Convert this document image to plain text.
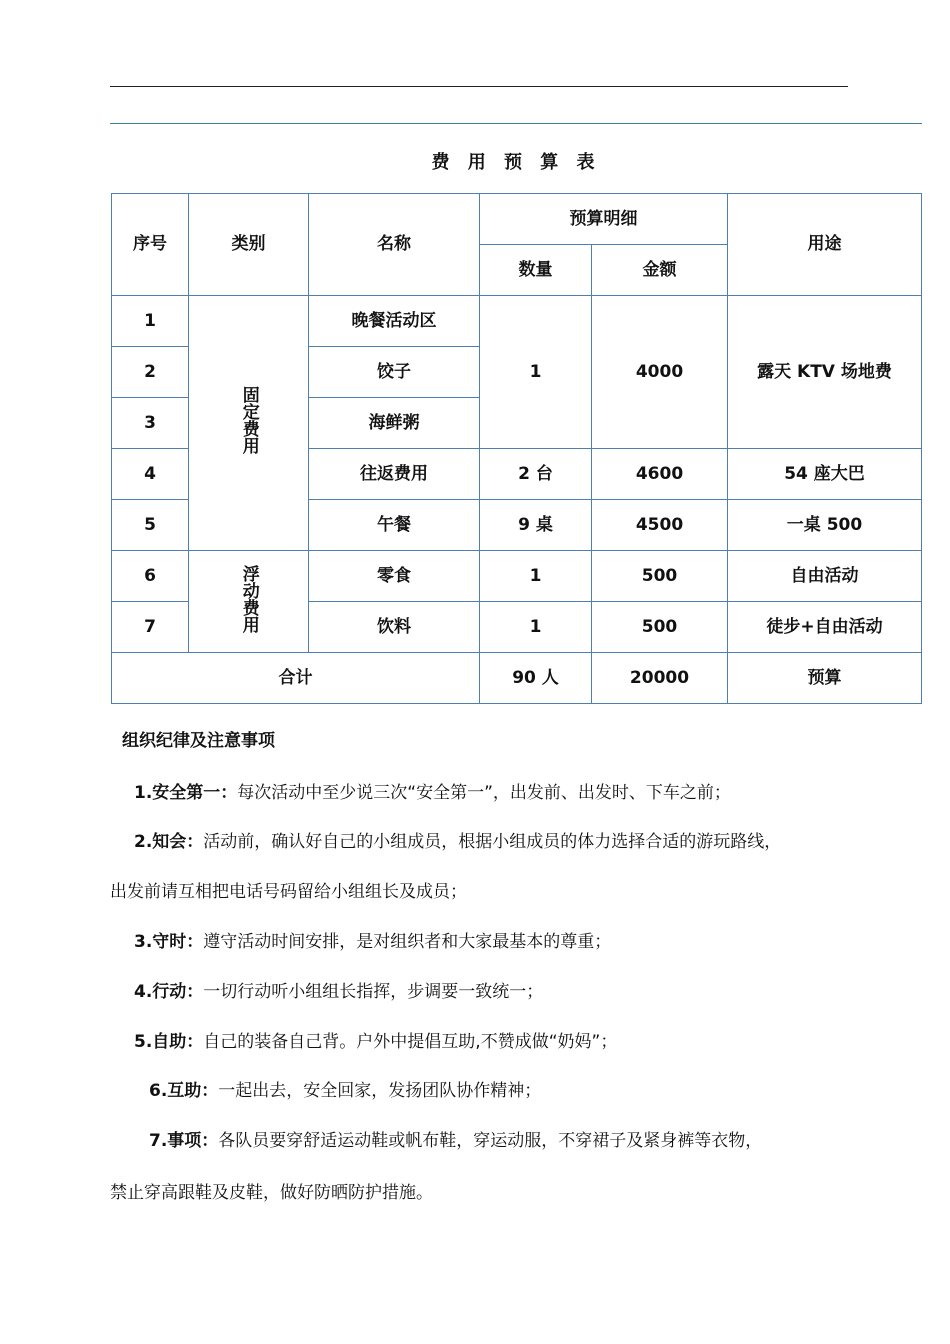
费 用 预 算 表
序号	类别	名称	预算明细		用途
			数量	金额	
1	固定费用	晚餐活动区	1	4000	露天 KTV 场地费
2		饺子			
3		海鲜粥			
4		往返费用	2 台	4600	54 座大巴
5		午餐	9 桌	4500	一桌 500
6	浮动费用	零食	1	500	自由活动
7		饮料	1	500	徒步+自由活动
合计			90 人	20000	预算
组织纪律及注意事项
1.安全第一：每次活动中至少说三次“安全第一”，出发前、出发时、下车之前；
2.知会：活动前，确认好自己的小组成员，根据小组成员的体力选择合适的游玩路线，
出发前请互相把电话号码留给小组组长及成员；
3.守时：遵守活动时间安排，是对组织者和大家最基本的尊重；
4.行动：一切行动听小组组长指挥，步调要一致统一；
5.自助：自己的装备自己背。户外中提倡互助,不赞成做“奶妈”；
6.互助：一起出去，安全回家，发扬团队协作精神；
7.事项：各队员要穿舒适运动鞋或帆布鞋，穿运动服，不穿裙子及紧身裤等衣物，
禁止穿高跟鞋及皮鞋，做好防晒防护措施。
